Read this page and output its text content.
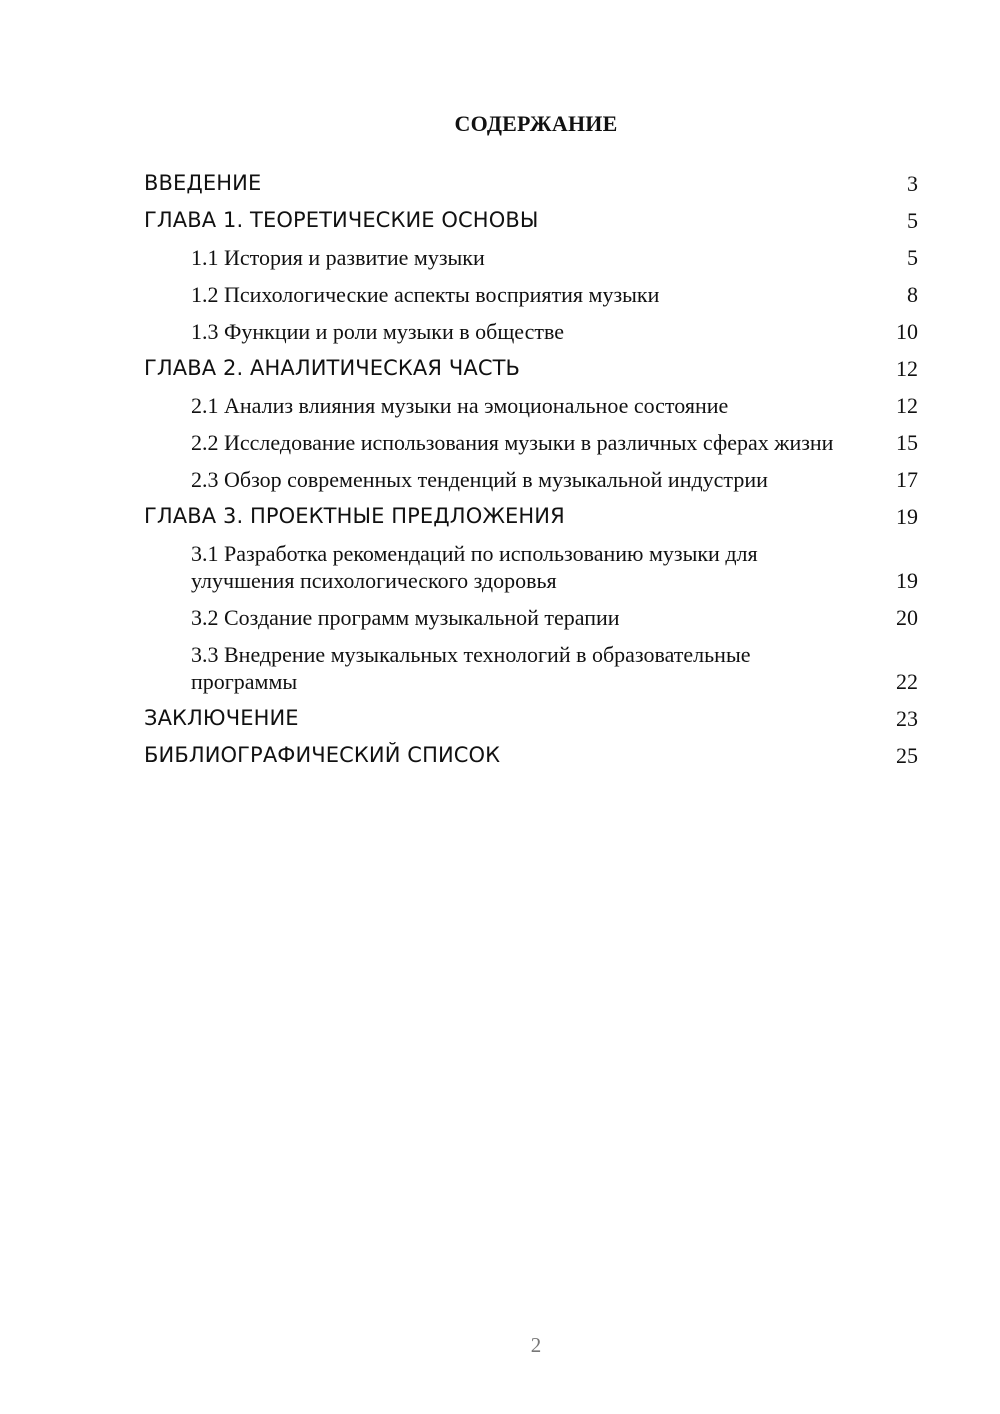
СОДЕРЖАНИЕ
ВВЕДЕНИЕ	3
ГЛАВА 1. ТЕОРЕТИЧЕСКИЕ ОСНОВЫ	5
1.1 История и развитие музыки	5
1.2 Психологические аспекты восприятия музыки	8
1.3 Функции и роли музыки в обществе	10
ГЛАВА 2. АНАЛИТИЧЕСКАЯ ЧАСТЬ	12
2.1 Анализ влияния музыки на эмоциональное состояние	12
2.2 Исследование использования музыки в различных сферах жизни	15
2.3 Обзор современных тенденций в музыкальной индустрии	17
ГЛАВА 3. ПРОЕКТНЫЕ ПРЕДЛОЖЕНИЯ	19
3.1 Разработка рекомендаций по использованию музыки для улучшения психологического здоровья	19
3.2 Создание программ музыкальной терапии	20
3.3 Внедрение музыкальных технологий в образовательные программы	22
ЗАКЛЮЧЕНИЕ	23
БИБЛИОГРАФИЧЕСКИЙ СПИСОК	25
2
